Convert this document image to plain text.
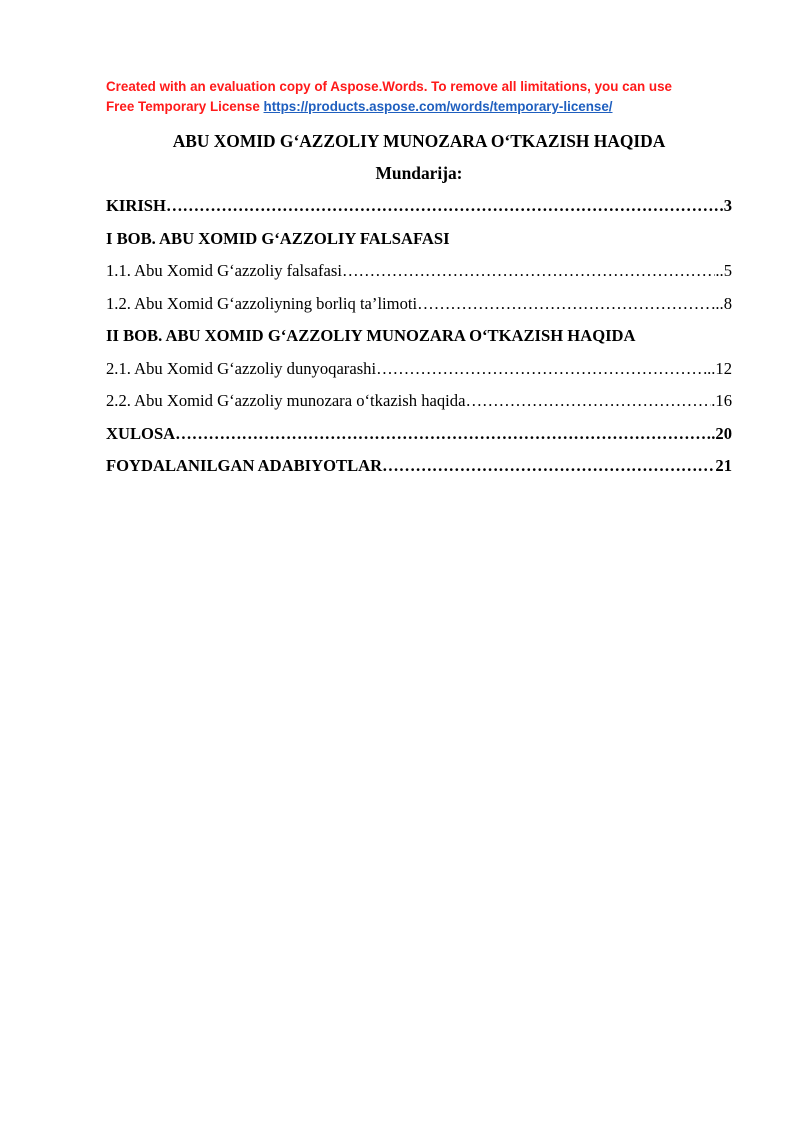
Created with an evaluation copy of Aspose.Words. To remove all limitations, you can use
Free Temporary License https://products.aspose.com/words/temporary-license/
ABU XOMID G‘AZZOLIY MUNOZARA O‘TKAZISH HAQIDA
Mundarija:
KIRISH ……………………………………………………………………………………………………………………………………………………	.3
I BOB. ABU XOMID G‘AZZOLIY FALSAFASI
1.1. Abu Xomid G‘azzoliy falsafasi ……………………………………………………………………………………………………………………………………………………	..5
1.2. Abu Xomid G‘azzoliyning borliq ta’limoti ……………………………………………………………………………………………………………………………………………………	...8
II BOB. ABU XOMID G‘AZZOLIY MUNOZARA O‘TKAZISH HAQIDA
2.1. Abu Xomid G‘azzoliy dunyoqarashi ……………………………………………………………………………………………………………………………………………………	..12
2.2. Abu Xomid G‘azzoliy munozara o‘tkazish haqida ……………………………………………………………………………………………………………………………………………………	.16
XULOSA ……………………………………………………………………………………………………………………………………………………	.20
FOYDALANILGAN ADABIYOTLAR ……………………………………………………………………………………………………………………………………………………	21
